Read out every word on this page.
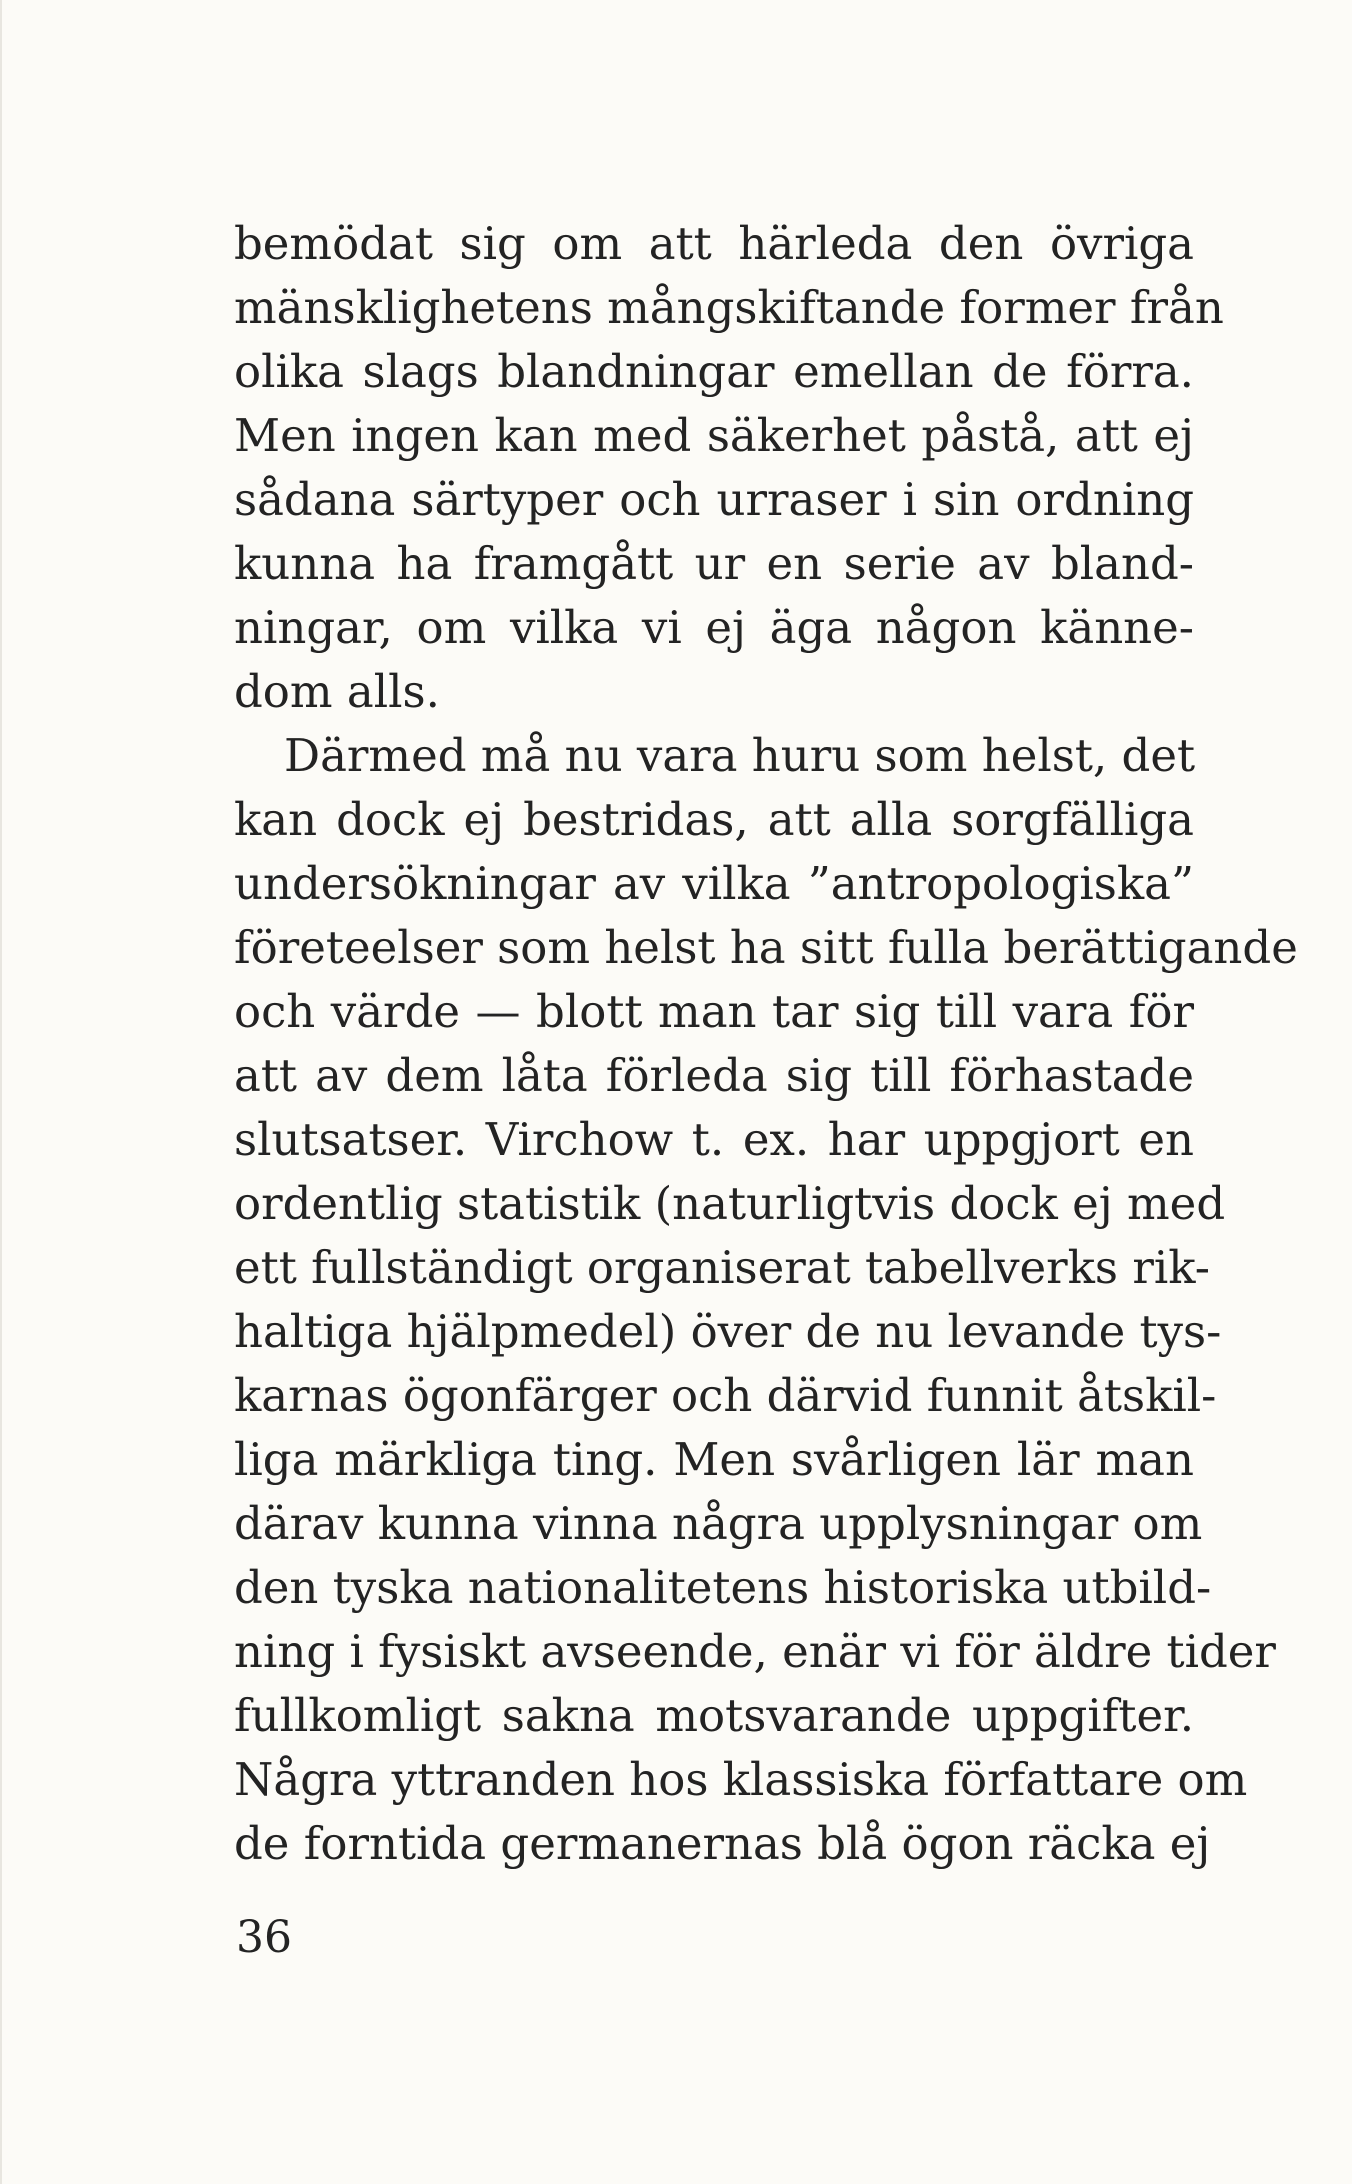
bemödat sig om att härleda den övriga
mänsklighetens mångskiftande former från
olika slags blandningar emellan de förra.
Men ingen kan med säkerhet påstå, att ej
sådana särtyper och urraser i sin ordning
kunna ha framgått ur en serie av bland-
ningar, om vilka vi ej äga någon känne-
dom alls.
Därmed må nu vara huru som helst, det
kan dock ej bestridas, att alla sorgfälliga
undersökningar av vilka ”antropologiska”
företeelser som helst ha sitt fulla berättigande
och värde — blott man tar sig till vara för
att av dem låta förleda sig till förhastade
slutsatser. Virchow t. ex. har uppgjort en
ordentlig statistik (naturligtvis dock ej med
ett fullständigt organiserat tabellverks rik-
haltiga hjälpmedel) över de nu levande tys-
karnas ögonfärger och därvid funnit åtskil-
liga märkliga ting. Men svårligen lär man
därav kunna vinna några upplysningar om
den tyska nationalitetens historiska utbild-
ning i fysiskt avseende, enär vi för äldre tider
fullkomligt sakna motsvarande uppgifter.
Några yttranden hos klassiska författare om
de forntida germanernas blå ögon räcka ej
36
